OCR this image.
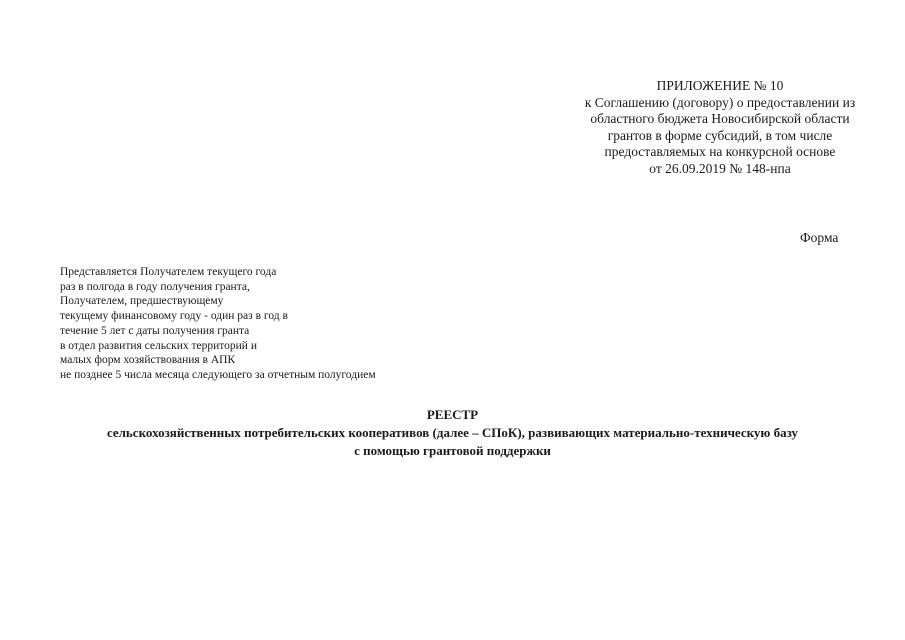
ПРИЛОЖЕНИЕ № 10
к Соглашению (договору) о предоставлении из
областного бюджета Новосибирской области
грантов в форме субсидий, в том числе
предоставляемых на конкурсной основе
от 26.09.2019 № 148-нпа
Форма
Представляется Получателем текущего года
раз в полгода в году получения гранта,
Получателем, предшествующему
текущему финансовому году - один раз в год в
течение 5 лет с даты получения гранта
в отдел развития сельских территорий и
малых форм хозяйствования в АПК
не позднее 5 числа месяца следующего за отчетным полугодием
РЕЕСТР
сельскохозяйственных потребительских кооперативов (далее – СПоК), развивающих материально-техническую базу
с помощью грантовой поддержки
